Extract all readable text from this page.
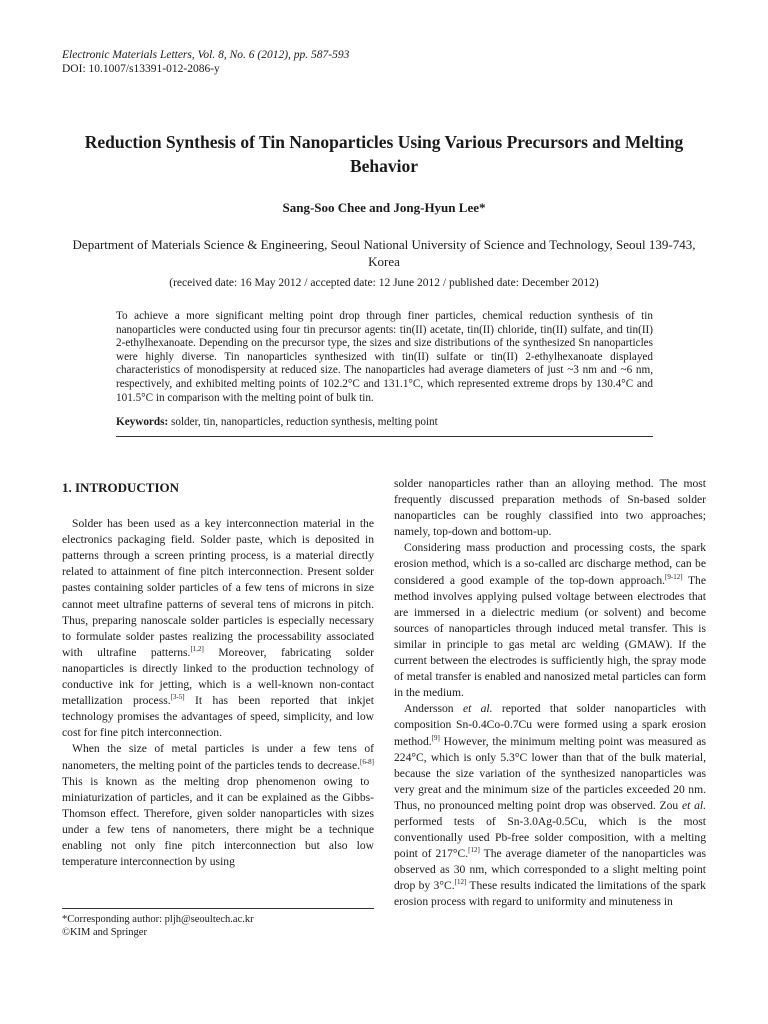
Electronic Materials Letters, Vol. 8, No. 6 (2012), pp. 587-593
DOI: 10.1007/s13391-012-2086-y
Reduction Synthesis of Tin Nanoparticles Using Various Precursors and Melting Behavior
Sang-Soo Chee and Jong-Hyun Lee*
Department of Materials Science & Engineering, Seoul National University of Science and Technology, Seoul 139-743, Korea
(received date: 16 May 2012 / accepted date: 12 June 2012 / published date: December 2012)
To achieve a more significant melting point drop through finer particles, chemical reduction synthesis of tin nanoparticles were conducted using four tin precursor agents: tin(II) acetate, tin(II) chloride, tin(II) sulfate, and tin(II) 2-ethylhexanoate. Depending on the precursor type, the sizes and size distributions of the synthesized Sn nanoparticles were highly diverse. Tin nanoparticles synthesized with tin(II) sulfate or tin(II) 2-ethylhexanoate displayed characteristics of monodispersity at reduced size. The nanoparticles had average diameters of just ~3 nm and ~6 nm, respectively, and exhibited melting points of 102.2°C and 131.1°C, which represented extreme drops by 130.4°C and 101.5°C in comparison with the melting point of bulk tin.
Keywords: solder, tin, nanoparticles, reduction synthesis, melting point
1. INTRODUCTION

Solder has been used as a key interconnection material in the electronics packaging field. Solder paste, which is deposited in patterns through a screen printing process, is a material directly related to attainment of fine pitch interconnection. Present solder pastes containing solder particles of a few tens of microns in size cannot meet ultrafine patterns of several tens of microns in pitch. Thus, preparing nanoscale solder particles is especially necessary to formulate solder pastes realizing the processability associated with ultrafine patterns.[1,2] Moreover, fabricating solder nanoparticles is directly linked to the production technology of conductive ink for jetting, which is a well-known non-contact metallization process.[3-5] It has been reported that inkjet technology promises the advantages of speed, simplicity, and low cost for fine pitch interconnection.

When the size of metal particles is under a few tens of nanometers, the melting point of the particles tends to decrease.[6-8] This is known as the melting drop phenomenon owing to miniaturization of particles, and it can be explained as the Gibbs-Thomson effect. Therefore, given solder nanoparticles with sizes under a few tens of nanometers, there might be a technique enabling not only fine pitch interconnection but also low temperature interconnection by using

solder nanoparticles rather than an alloying method. The most frequently discussed preparation methods of Sn-based solder nanoparticles can be roughly classified into two approaches; namely, top-down and bottom-up.

Considering mass production and processing costs, the spark erosion method, which is a so-called arc discharge method, can be considered a good example of the top-down approach.[9-12] The method involves applying pulsed voltage between electrodes that are immersed in a dielectric medium (or solvent) and become sources of nanoparticles through induced metal transfer. This is similar in principle to gas metal arc welding (GMAW). If the current between the electrodes is sufficiently high, the spray mode of metal transfer is enabled and nanosized metal particles can form in the medium.

Andersson et al. reported that solder nanoparticles with composition Sn-0.4Co-0.7Cu were formed using a spark erosion method.[9] However, the minimum melting point was measured as 224°C, which is only 5.3°C lower than that of the bulk material, because the size variation of the synthesized nanoparticles was very great and the minimum size of the particles exceeded 20 nm. Thus, no pronounced melting point drop was observed. Zou et al. performed tests of Sn-3.0Ag-0.5Cu, which is the most conventionally used Pb-free solder composition, with a melting point of 217°C.[12] The average diameter of the nanoparticles was observed as 30 nm, which corresponded to a slight melting point drop by 3°C.[12] These results indicated the limitations of the spark erosion process with regard to uniformity and minuteness in

*Corresponding author: pljh@seoultech.ac.kr
©KIM and Springer
